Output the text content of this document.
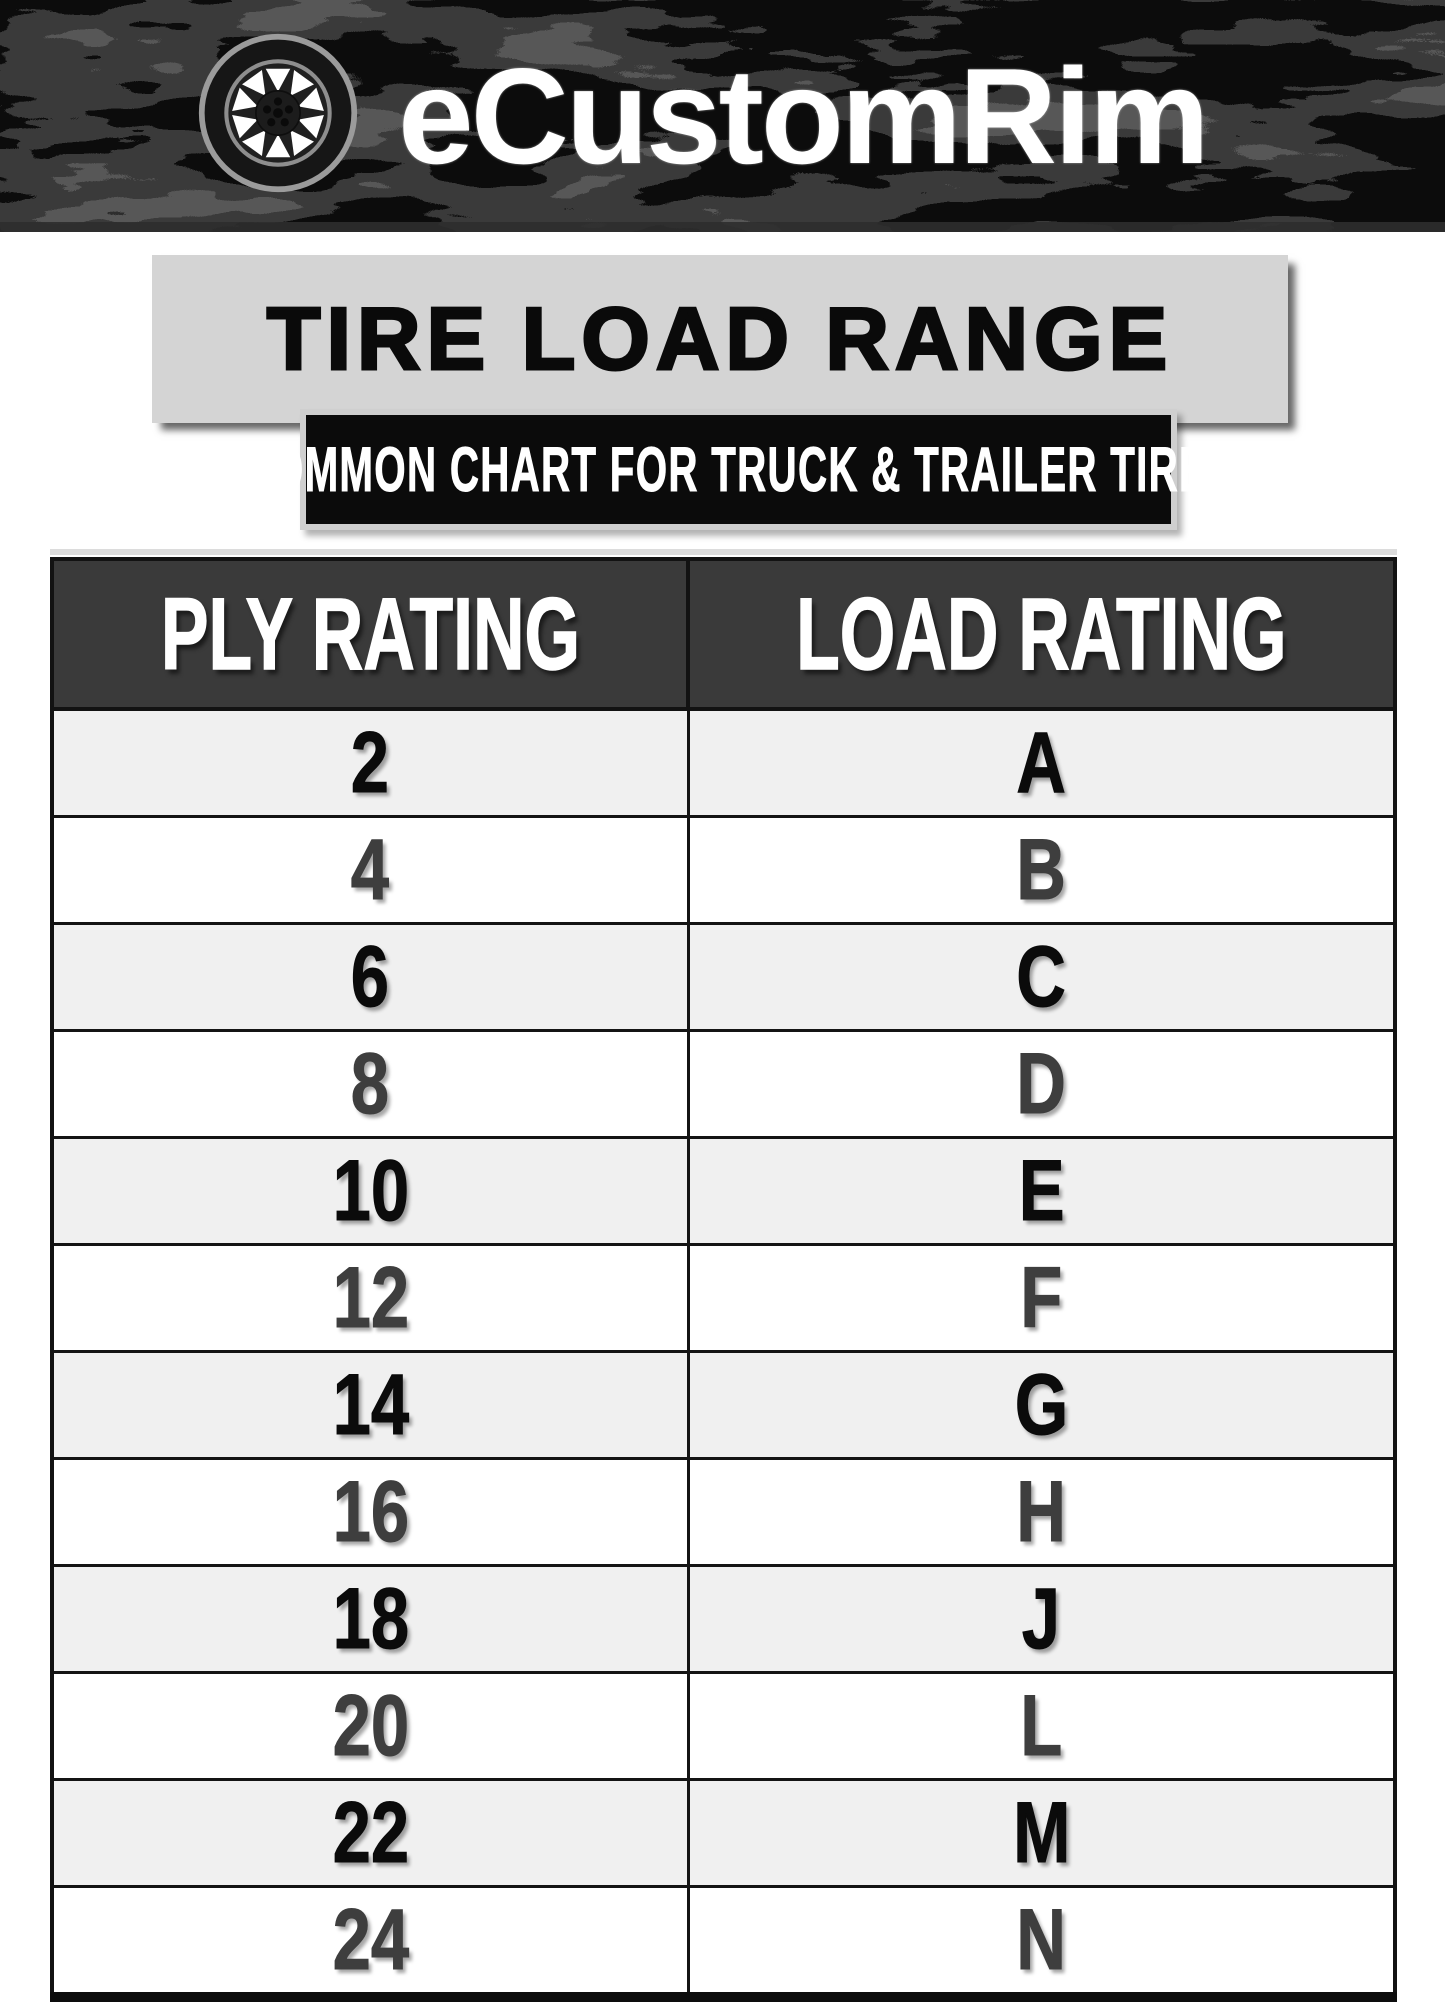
eCustomRim
TIRE LOAD RANGE
COMMON CHART FOR TRUCK & TRAILER TIRES
PLY RATING	LOAD RATING
2	A
4	B
6	C
8	D
10	E
12	F
14	G
16	H
18	J
20	L
22	M
24	N
